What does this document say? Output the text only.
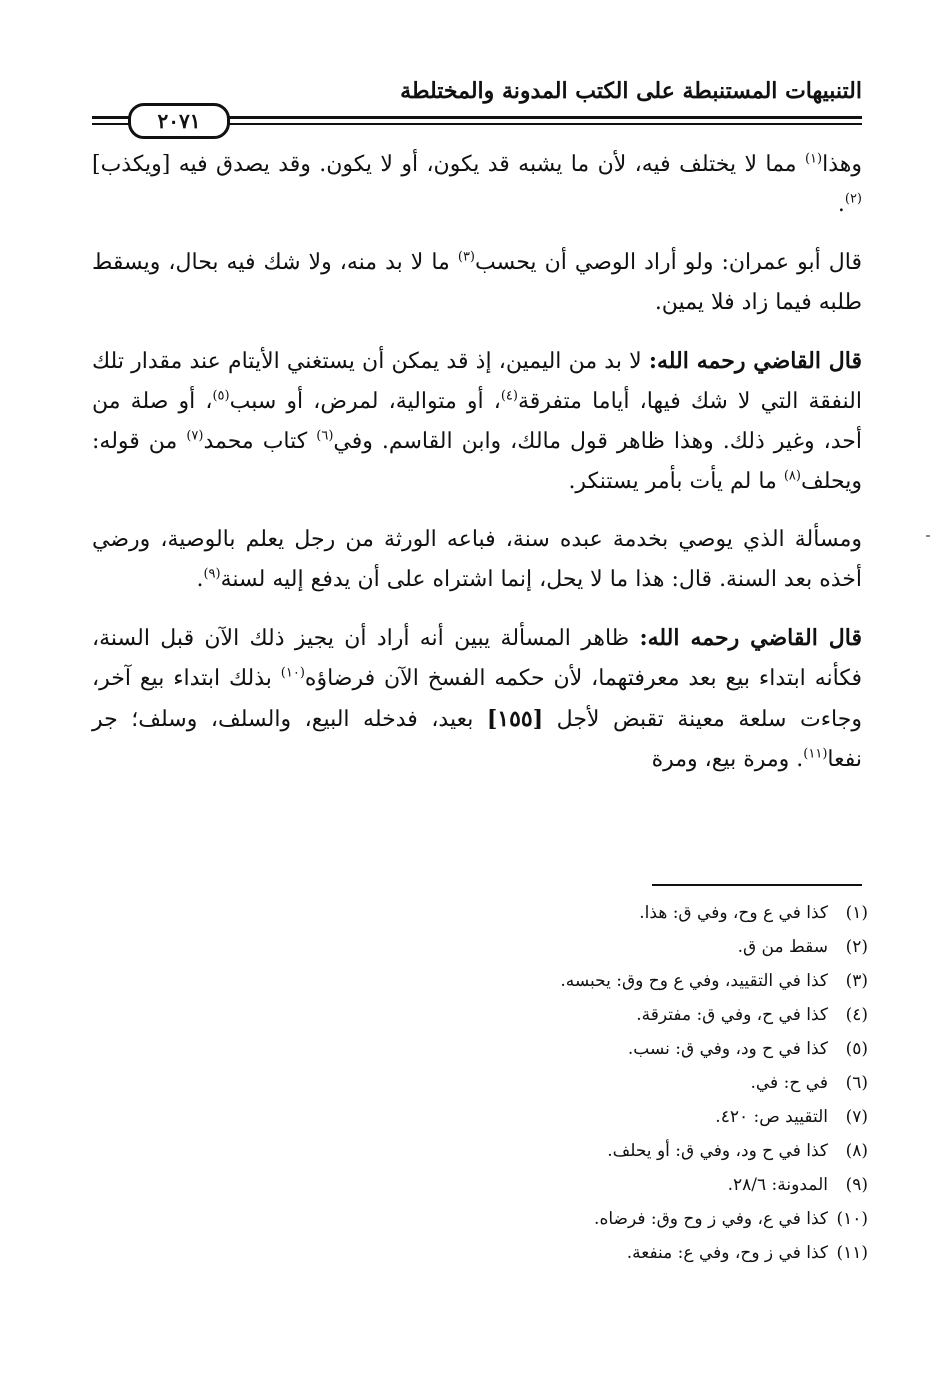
التنبيهات المستنبطة على الكتب المدونة والمختلطة
٢٠٧١

وهذا$^{(١)}$ مما لا يختلف فيه، لأن ما يشبه قد يكون، أو لا يكون. وقد يصدق فيه [ويكذب]$^{(٢)}$.

قال أبو عمران: ولو أراد الوصي أن يحسب$^{(٣)}$ ما لا بد منه، ولا شك فيه بحال، ويسقط طلبه فيما زاد فلا يمين.

قال القاضي رحمه الله: لا بد من اليمين، إذ قد يمكن أن يستغني الأيتام عند مقدار تلك النفقة التي لا شك فيها، أياما متفرقة$^{(٤)}$، أو متوالية، لمرض، أو سبب$^{(٥)}$، أو صلة من أحد، وغير ذلك. وهذا ظاهر قول مالك، وابن القاسم. وفي$^{(٦)}$ كتاب محمد$^{(٧)}$ من قوله: ويحلف$^{(٨)}$ ما لم يأت بأمر يستنكر.

ومسألة الذي يوصي بخدمة عبده سنة، فباعه الورثة من رجل يعلم بالوصية، ورضي أخذه بعد السنة. قال: هذا ما لا يحل، إنما اشتراه على أن يدفع إليه لسنة$^{(٩)}$.

قال القاضي رحمه الله: ظاهر المسألة يبين أنه أراد أن يجيز ذلك الآن قبل السنة، فكأنه ابتداء بيع بعد معرفتهما، لأن حكمه الفسخ الآن فرضاؤه$^{(١٠)}$ بذلك ابتداء بيع آخر، وجاءت سلعة معينة تقبض لأجل [١٥٥] بعيد، فدخله البيع، والسلف، وسلف؛ جر نفعا$^{(١١)}$. ومرة بيع، ومرة

(١)كذا في ع وح، وفي ق: هذا.
(٢)سقط من ق.
(٣)كذا في التقييد، وفي ع وح وق: يحبسه.
(٤)كذا في ح، وفي ق: مفترقة.
(٥)كذا في ح ود، وفي ق: نسب.
(٦)في ح: في.
(٧)التقييد ص: ٤٢٠.
(٨)كذا في ح ود، وفي ق: أو يحلف.
(٩)المدونة: ٢٨/٦.
(١٠)كذا في ع، وفي ز وح وق: فرضاه.
(١١)كذا في ز وح، وفي ع: منفعة.
